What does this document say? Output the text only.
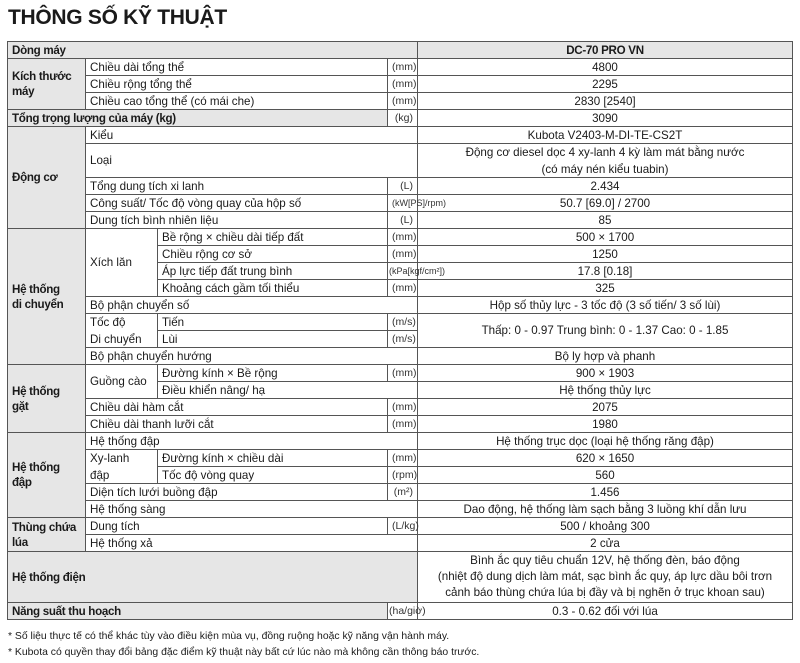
THÔNG SỐ KỸ THUẬT
Dòng máy				DC-70 PRO VN
Kích thước máy	Chiều dài tổng thể		(mm)	4800
	Chiều rộng tổng thể		(mm)	2295
	Chiều cao tổng thể (có mái che)		(mm)	2830 [2540]
Tổng trọng lượng của máy (kg)			(kg)	3090
Động cơ	Kiểu			Kubota V2403-M-DI-TE-CS2T
	Loại			Động cơ diesel dọc 4 xy-lanh 4 kỳ làm mát bằng nước
				(có máy nén kiểu tuabin)
	Tổng dung tích xi lanh		(L)	2.434
	Công suất/ Tốc độ vòng quay của hộp số		(kW[PS]/rpm)	50.7 [69.0] / 2700
	Dung tích bình nhiên liệu		(L)	85

Hệ thống
di chuyển	Xích lăn	Bề rộng × chiều dài tiếp đất	(mm)	500 × 1700
		Chiều rộng cơ sở	(mm)	1250
		Áp lực tiếp đất trung bình	(kPa[kgf/cm²])	17.8 [0.18]
		Khoảng cách gầm tối thiểu	(mm)	325
	Bộ phận chuyển số			Hộp số thủy lực - 3 tốc độ (3 số tiến/ 3 số lùi)
	Tốc độ	Tiến	(m/s)	Thấp: 0 - 0.97 Trung bình: 0 - 1.37 Cao: 0 - 1.85
	Di chuyển	Lùi	(m/s)	
	Bộ phận chuyển hướng			Bộ ly hợp và phanh

Hệ thống
gặt	Guồng cào	Đường kính × Bề rộng	(mm)	900 × 1903
		Điều khiển nâng/ hạ		Hệ thống thủy lực
	Chiều dài hàm cắt		(mm)	2075
	Chiều dài thanh lưỡi cắt		(mm)	1980

Hệ thống
đập	Hệ thống đập			Hệ thống trục dọc (loại hệ thống răng đập)
	Xy-lanh	Đường kính × chiều dài	(mm)	620 × 1650
	đập	Tốc độ vòng quay	(rpm)	560
	Diện tích lưới buồng đập		(m²)	1.456
	Hệ thống sàng			Dao động, hệ thống làm sạch bằng 3 luồng khí dẫn lưu

Thùng chứa
lúa	Dung tích		(L/kg)	500 / khoảng 300
	Hệ thống xả			2 cửa
Hệ thống điện				Bình ắc quy tiêu chuẩn 12V, hệ thống đèn, báo động
(nhiệt độ dung dịch làm mát, sạc bình ắc quy, áp lực dầu bôi trơn
cảnh báo thùng chứa lúa bị đầy và bị nghẽn ở trục khoan sau)

Năng suất thu hoạch			(ha/giờ)	0.3 - 0.62 đối với lúa
* Số liệu thực tế có thể khác tùy vào điều kiện mùa vụ, đồng ruộng hoặc kỹ năng vận hành máy.
* Kubota có quyền thay đổi bảng đặc điểm kỹ thuật này bất cứ lúc nào mà không cần thông báo trước.
